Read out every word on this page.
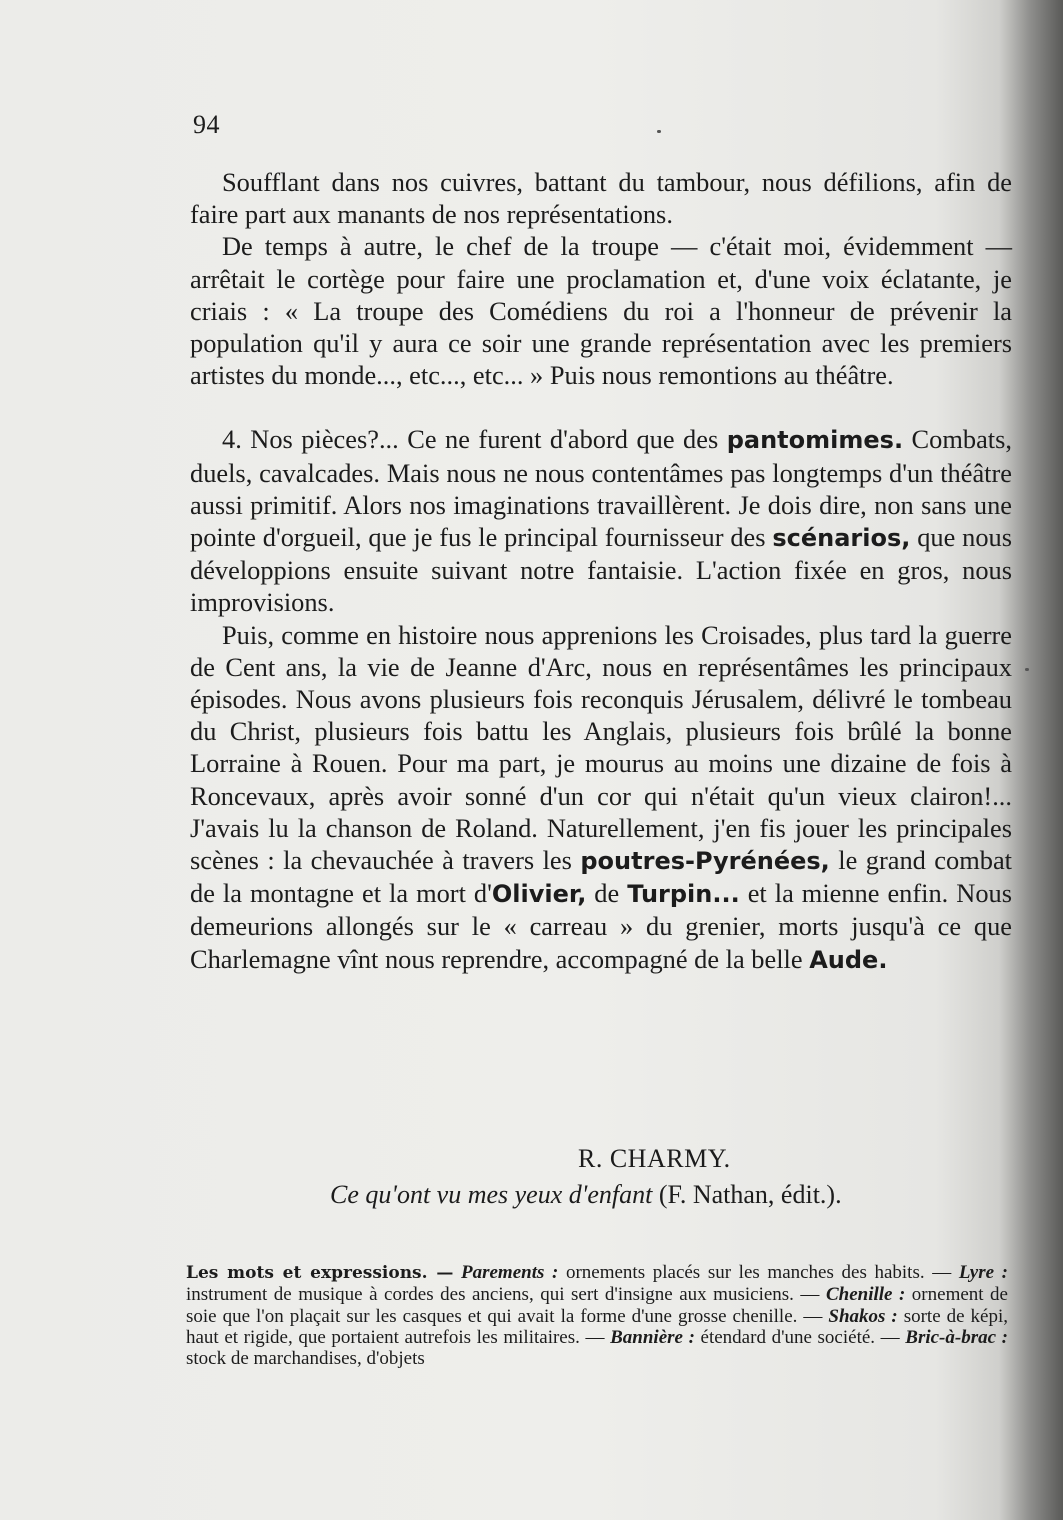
94

Soufflant dans nos cuivres, battant du tambour, nous défilions, afin de faire part aux manants de nos représentations.

De temps à autre, le chef de la troupe — c'était moi, évidemment — arrêtait le cortège pour faire une proclamation et, d'une voix éclatante, je criais : « La troupe des Comédiens du roi a l'honneur de prévenir la population qu'il y aura ce soir une grande représentation avec les premiers artistes du monde..., etc..., etc... » Puis nous remontions au théâtre.

4. Nos pièces?... Ce ne furent d'abord que des pantomimes. Combats, duels, cavalcades. Mais nous ne nous contentâmes pas longtemps d'un théâtre aussi primitif. Alors nos imaginations travaillèrent. Je dois dire, non sans une pointe d'orgueil, que je fus le principal fournisseur des scénarios, que nous développions ensuite suivant notre fantaisie. L'action fixée en gros, nous improvisions.

Puis, comme en histoire nous apprenions les Croisades, plus tard la guerre de Cent ans, la vie de Jeanne d'Arc, nous en représentâmes les principaux épisodes. Nous avons plusieurs fois reconquis Jérusalem, délivré le tombeau du Christ, plusieurs fois battu les Anglais, plusieurs fois brûlé la bonne Lorraine à Rouen. Pour ma part, je mourus au moins une dizaine de fois à Roncevaux, après avoir sonné d'un cor qui n'était qu'un vieux clairon!... J'avais lu la chanson de Roland. Naturellement, j'en fis jouer les principales scènes : la chevauchée à travers les poutres-Pyrénées, le grand combat de la montagne et la mort d'Olivier, de Turpin... et la mienne enfin. Nous demeurions allongés sur le « carreau » du grenier, morts jusqu'à ce que Charlemagne vînt nous reprendre, accompagné de la belle Aude.

R. CHARMY.
Ce qu'ont vu mes yeux d'enfant (F. Nathan, édit.).
Les mots et expressions. — Parements : ornements placés sur les manches des habits. — Lyre : instrument de musique à cordes des anciens, qui sert d'insigne aux musiciens. — Chenille : ornement de soie que l'on plaçait sur les casques et qui avait la forme d'une grosse chenille. — Shakos : sorte de képi, haut et rigide, que portaient autrefois les militaires. — Bannière : étendard d'une société. — Bric-à-brac : stock de marchandises, d'objets
